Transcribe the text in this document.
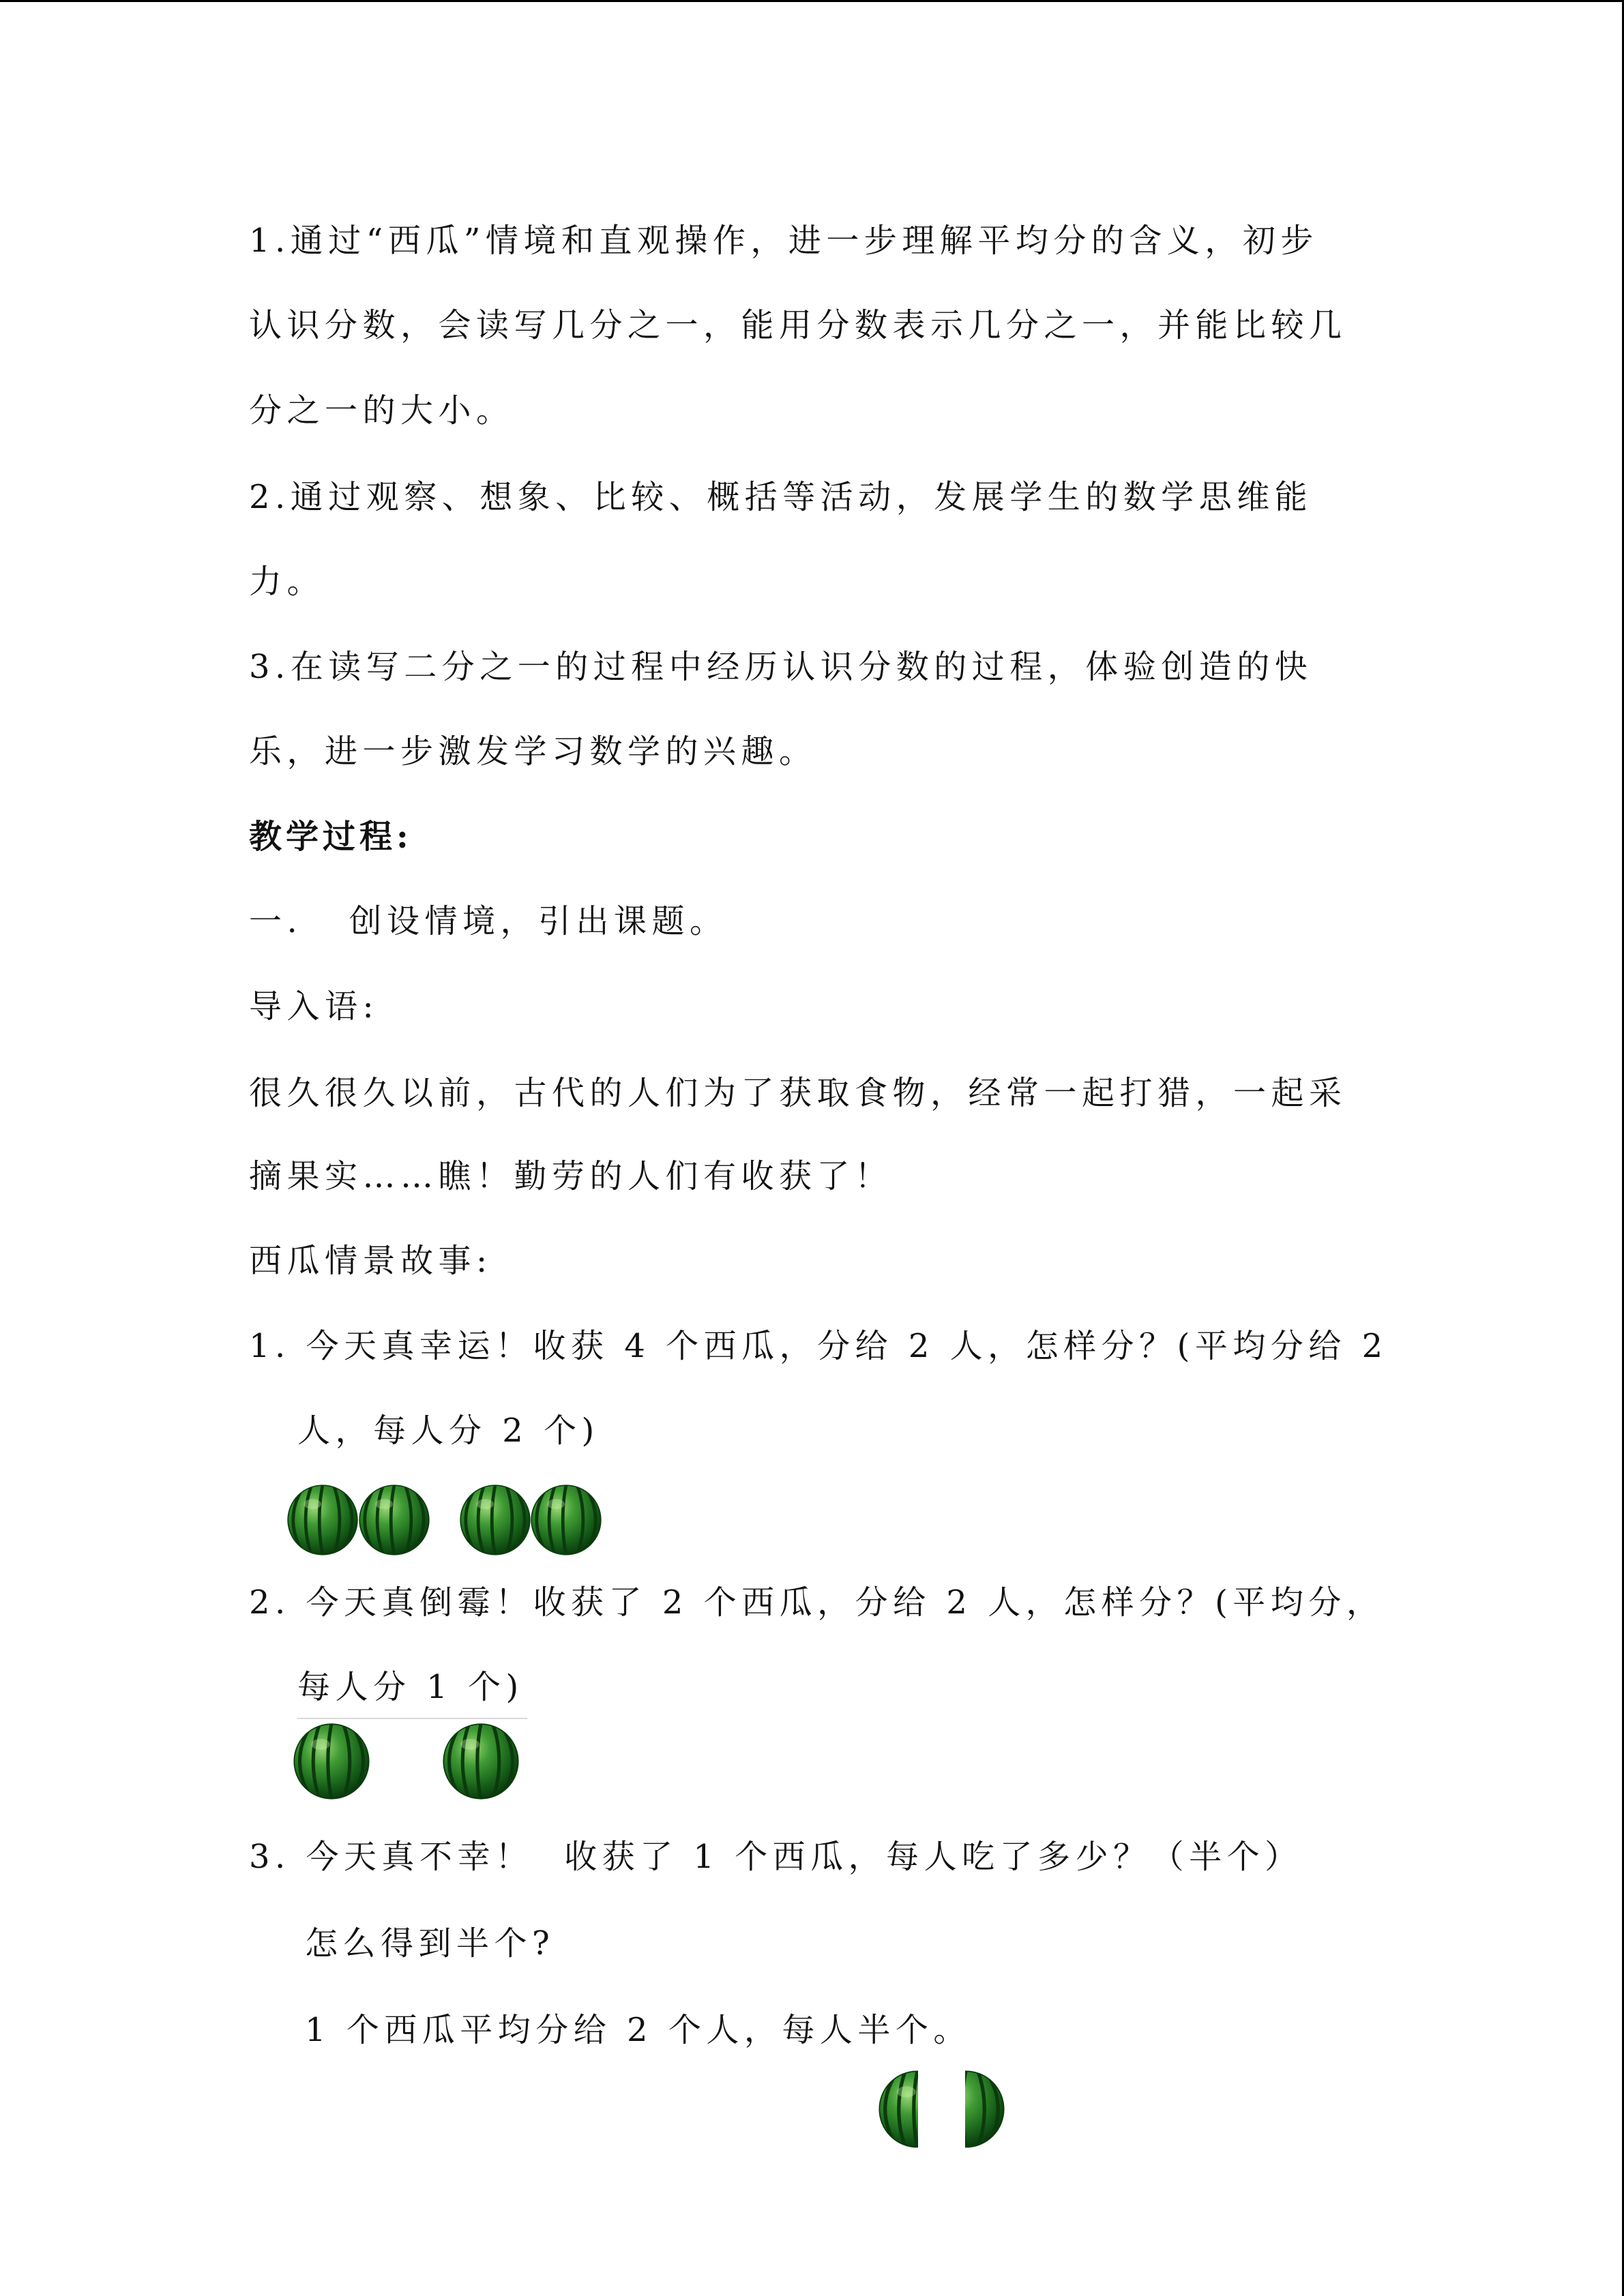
1.通过“西瓜”情境和直观操作，进一步理解平均分的含义，初步
认识分数，会读写几分之一，能用分数表示几分之一，并能比较几
分之一的大小。
2.通过观察、想象、比较、概括等活动，发展学生的数学思维能
力。
3.在读写二分之一的过程中经历认识分数的过程，体验创造的快
乐，进一步激发学习数学的兴趣。
教学过程:
一.   创设情境，引出课题。
导入语:
很久很久以前，古代的人们为了获取食物，经常一起打猎，一起采
摘果实……瞧！勤劳的人们有收获了！
西瓜情景故事:
1. 今天真幸运！收获 4 个西瓜，分给 2 人，怎样分？(平均分给 2
人，每人分 2 个)
2. 今天真倒霉！收获了 2 个西瓜，分给 2 人，怎样分？(平均分，
每人分 1 个)
3. 今天真不幸！  收获了 1 个西瓜，每人吃了多少？（半个）
怎么得到半个?
1 个西瓜平均分给 2 个人，每人半个。
